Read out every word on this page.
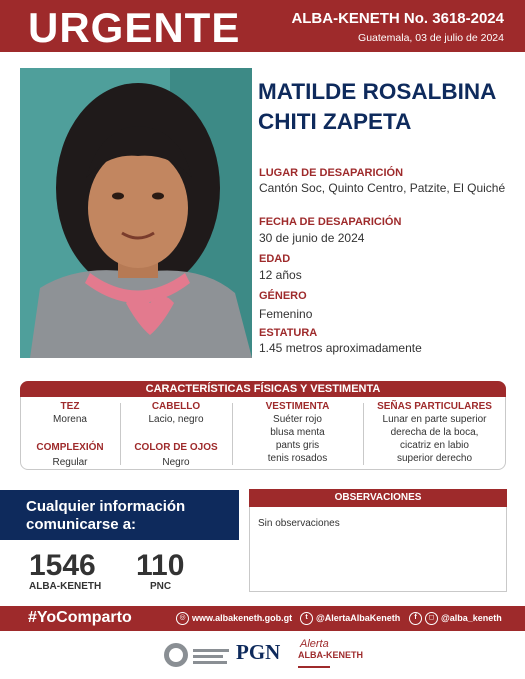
URGENTE	ALBA-KENETH No. 3618-2024
Guatemala, 03 de julio de 2024
MATILDE ROSALBINA
CHITI ZAPETA
LUGAR DE DESAPARICIÓN
Cantón Soc, Quinto Centro, Patzite, El Quiché
FECHA DE DESAPARICIÓN
30 de junio de 2024
EDAD
12 años
GÉNERO
Femenino
ESTATURA
1.45 metros aproximadamente
CARACTERÍSTICAS FÍSICAS Y VESTIMENTA
TEZ
Morena
COMPLEXIÓN
Regular
CABELLO
Lacio, negro
COLOR DE OJOS
Negro
VESTIMENTA
Suéter rojo
blusa menta
pants gris
tenis rosados
SEÑAS PARTICULARES
Lunar en parte superior
derecha de la boca,
cicatriz en labio
superior derecho
Cualquier información
comunicarse a:
1546
ALBA-KENETH
110
PNC
OBSERVACIONES
Sin observaciones
#YoComparto	◎ www.albakeneth.gob.gt	t @AlertaAlbaKeneth	f ◻ @alba_keneth
PGN Alerta
ALBA-KENETH
